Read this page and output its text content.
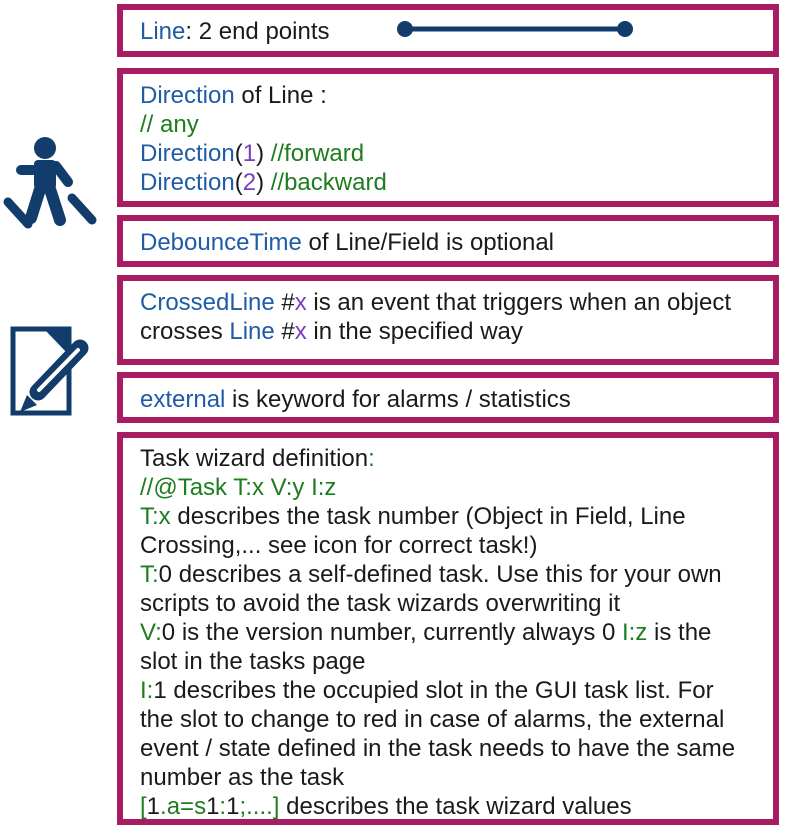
Line: 2 end points
Direction of Line :
// any
Direction(1) //forward
Direction(2) //backward
DebounceTime of Line/Field is optional
CrossedLine #x is an event that triggers when an object
crosses Line #x in the specified way
external is keyword for alarms / statistics
Task wizard definition:
//@Task T:x V:y I:z
T:x describes the task number (Object in Field, Line
Crossing,... see icon for correct task!)
T:0 describes a self-defined task. Use this for your own
scripts to avoid the task wizards overwriting it
V:0 is the version number, currently always 0 I:z is the
slot in the tasks page
I:1 describes the occupied slot in the GUI task list. For
the slot to change to red in case of alarms, the external
event / state defined in the task needs to have the same
number as the task
[1.a=s1:1;....] describes the task wizard values
